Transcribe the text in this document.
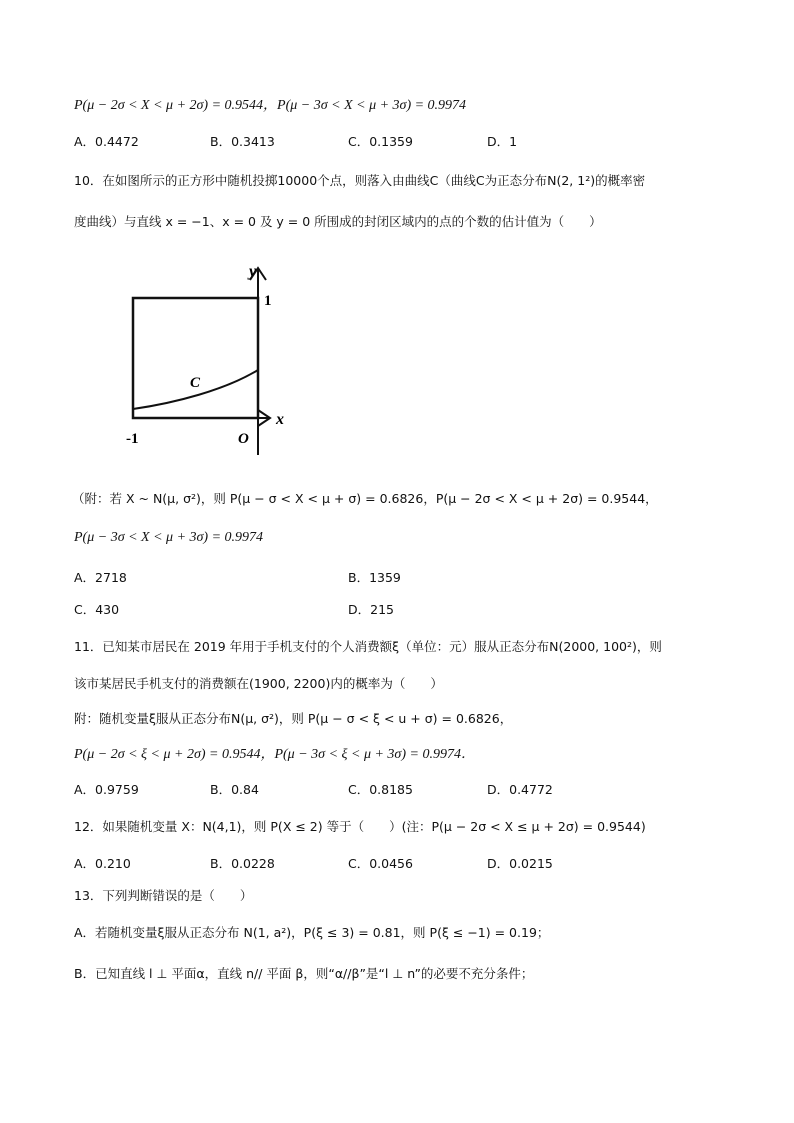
P(μ − 2σ < X < μ + 2σ) = 0.9544，P(μ − 3σ < X < μ + 3σ) = 0.9974
A．0.4472	B．0.3413	C．0.1359	D．1
10．在如图所示的正方形中随机投掷10000个点，则落入由曲线C（曲线C为正态分布N(2, 1²)的概率密
度曲线）与直线 x = −1、x = 0 及 y = 0 所围成的封闭区域内的点的个数的估计值为（　　）
y
1
C
x
-1	O
（附：若 X ~ N(μ, σ²)，则 P(μ − σ < X < μ + σ) = 0.6826，P(μ − 2σ < X < μ + 2σ) = 0.9544，
P(μ − 3σ < X < μ + 3σ) = 0.9974
A．2718	B．1359
C．430	D．215
11．已知某市居民在 2019 年用于手机支付的个人消费额ξ（单位：元）服从正态分布N(2000, 100²)，则
该市某居民手机支付的消费额在(1900, 2200)内的概率为（　　）
附：随机变量ξ服从正态分布N(μ, σ²)，则 P(μ − σ < ξ < u + σ) = 0.6826，
P(μ − 2σ < ξ < μ + 2σ) = 0.9544，P(μ − 3σ < ξ < μ + 3σ) = 0.9974．
A．0.9759	B．0.84	C．0.8185	D．0.4772
12．如果随机变量 X：N(4,1)，则 P(X ≤ 2) 等于（　　）(注：P(μ − 2σ < X ≤ μ + 2σ) = 0.9544)
A．0.210	B．0.0228	C．0.0456	D．0.0215
13．下列判断错误的是（　　）
A．若随机变量ξ服从正态分布 N(1, a²)，P(ξ ≤ 3) = 0.81，则 P(ξ ≤ −1) = 0.19；
B．已知直线 l ⊥ 平面α，直线 n// 平面 β，则“α//β”是“l ⊥ n”的必要不充分条件；
